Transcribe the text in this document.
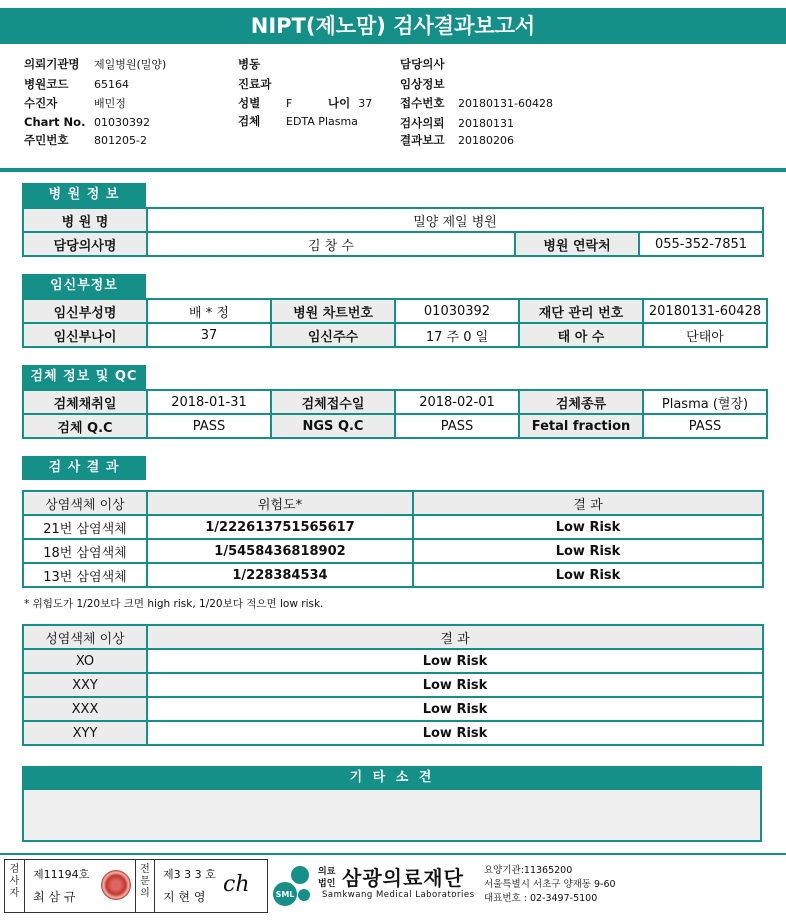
NIPT(제노맘) 검사결과보고서
의뢰기관명 제일병원(밀양)
병원코드 65164
수진자	배민정
Chart No. 01030392
주민번호 801205-2
병동
진료과
성별 F	나이 37
검체 EDTA Plasma
담당의사
임상정보
접수번호 20180131-60428
검사의뢰 20180131
결과보고 20180206
병 원 정 보
병 원 명	밀양 제일 병원		
담당의사명	김 창 수	병원 연락처	055-352-7851
임신부정보
임신부성명	배 * 정	병원 차트번호	01030392	재단 관리 번호	20180131-60428
임신부나이	37	임신주수	17 주 0 일	태 아 수	단태아
검체 정보 및 QC
검체채취일	2018-01-31	검체접수일	2018-02-01	검체종류	Plasma (혈장)
검체 Q.C	PASS	NGS Q.C	PASS	Fetal fraction	PASS
검 사 결 과
상염색체 이상	위험도*	결 과
21번 삼염색체	1/222613751565617	Low Risk
18번 삼염색체	1/5458436818902	Low Risk
13번 삼염색체	1/228384534	Low Risk
* 위험도가 1/20보다 크면 high risk, 1/20보다 적으면 low risk.
성염색체 이상	결 과
XO	Low Risk
XXY	Low Risk
XXX	Low Risk
XYY	Low Risk
기 타 소 견
검사자
제11194호
최 삼 규
전문의
제3 3 3 호
지 현 영 ch	SML
의료
법인 삼광의료재단
Samkwang Medical Laboratories
요양기관:11365200
서울특별시 서초구 양재동 9-60
대표번호 : 02-3497-5100
